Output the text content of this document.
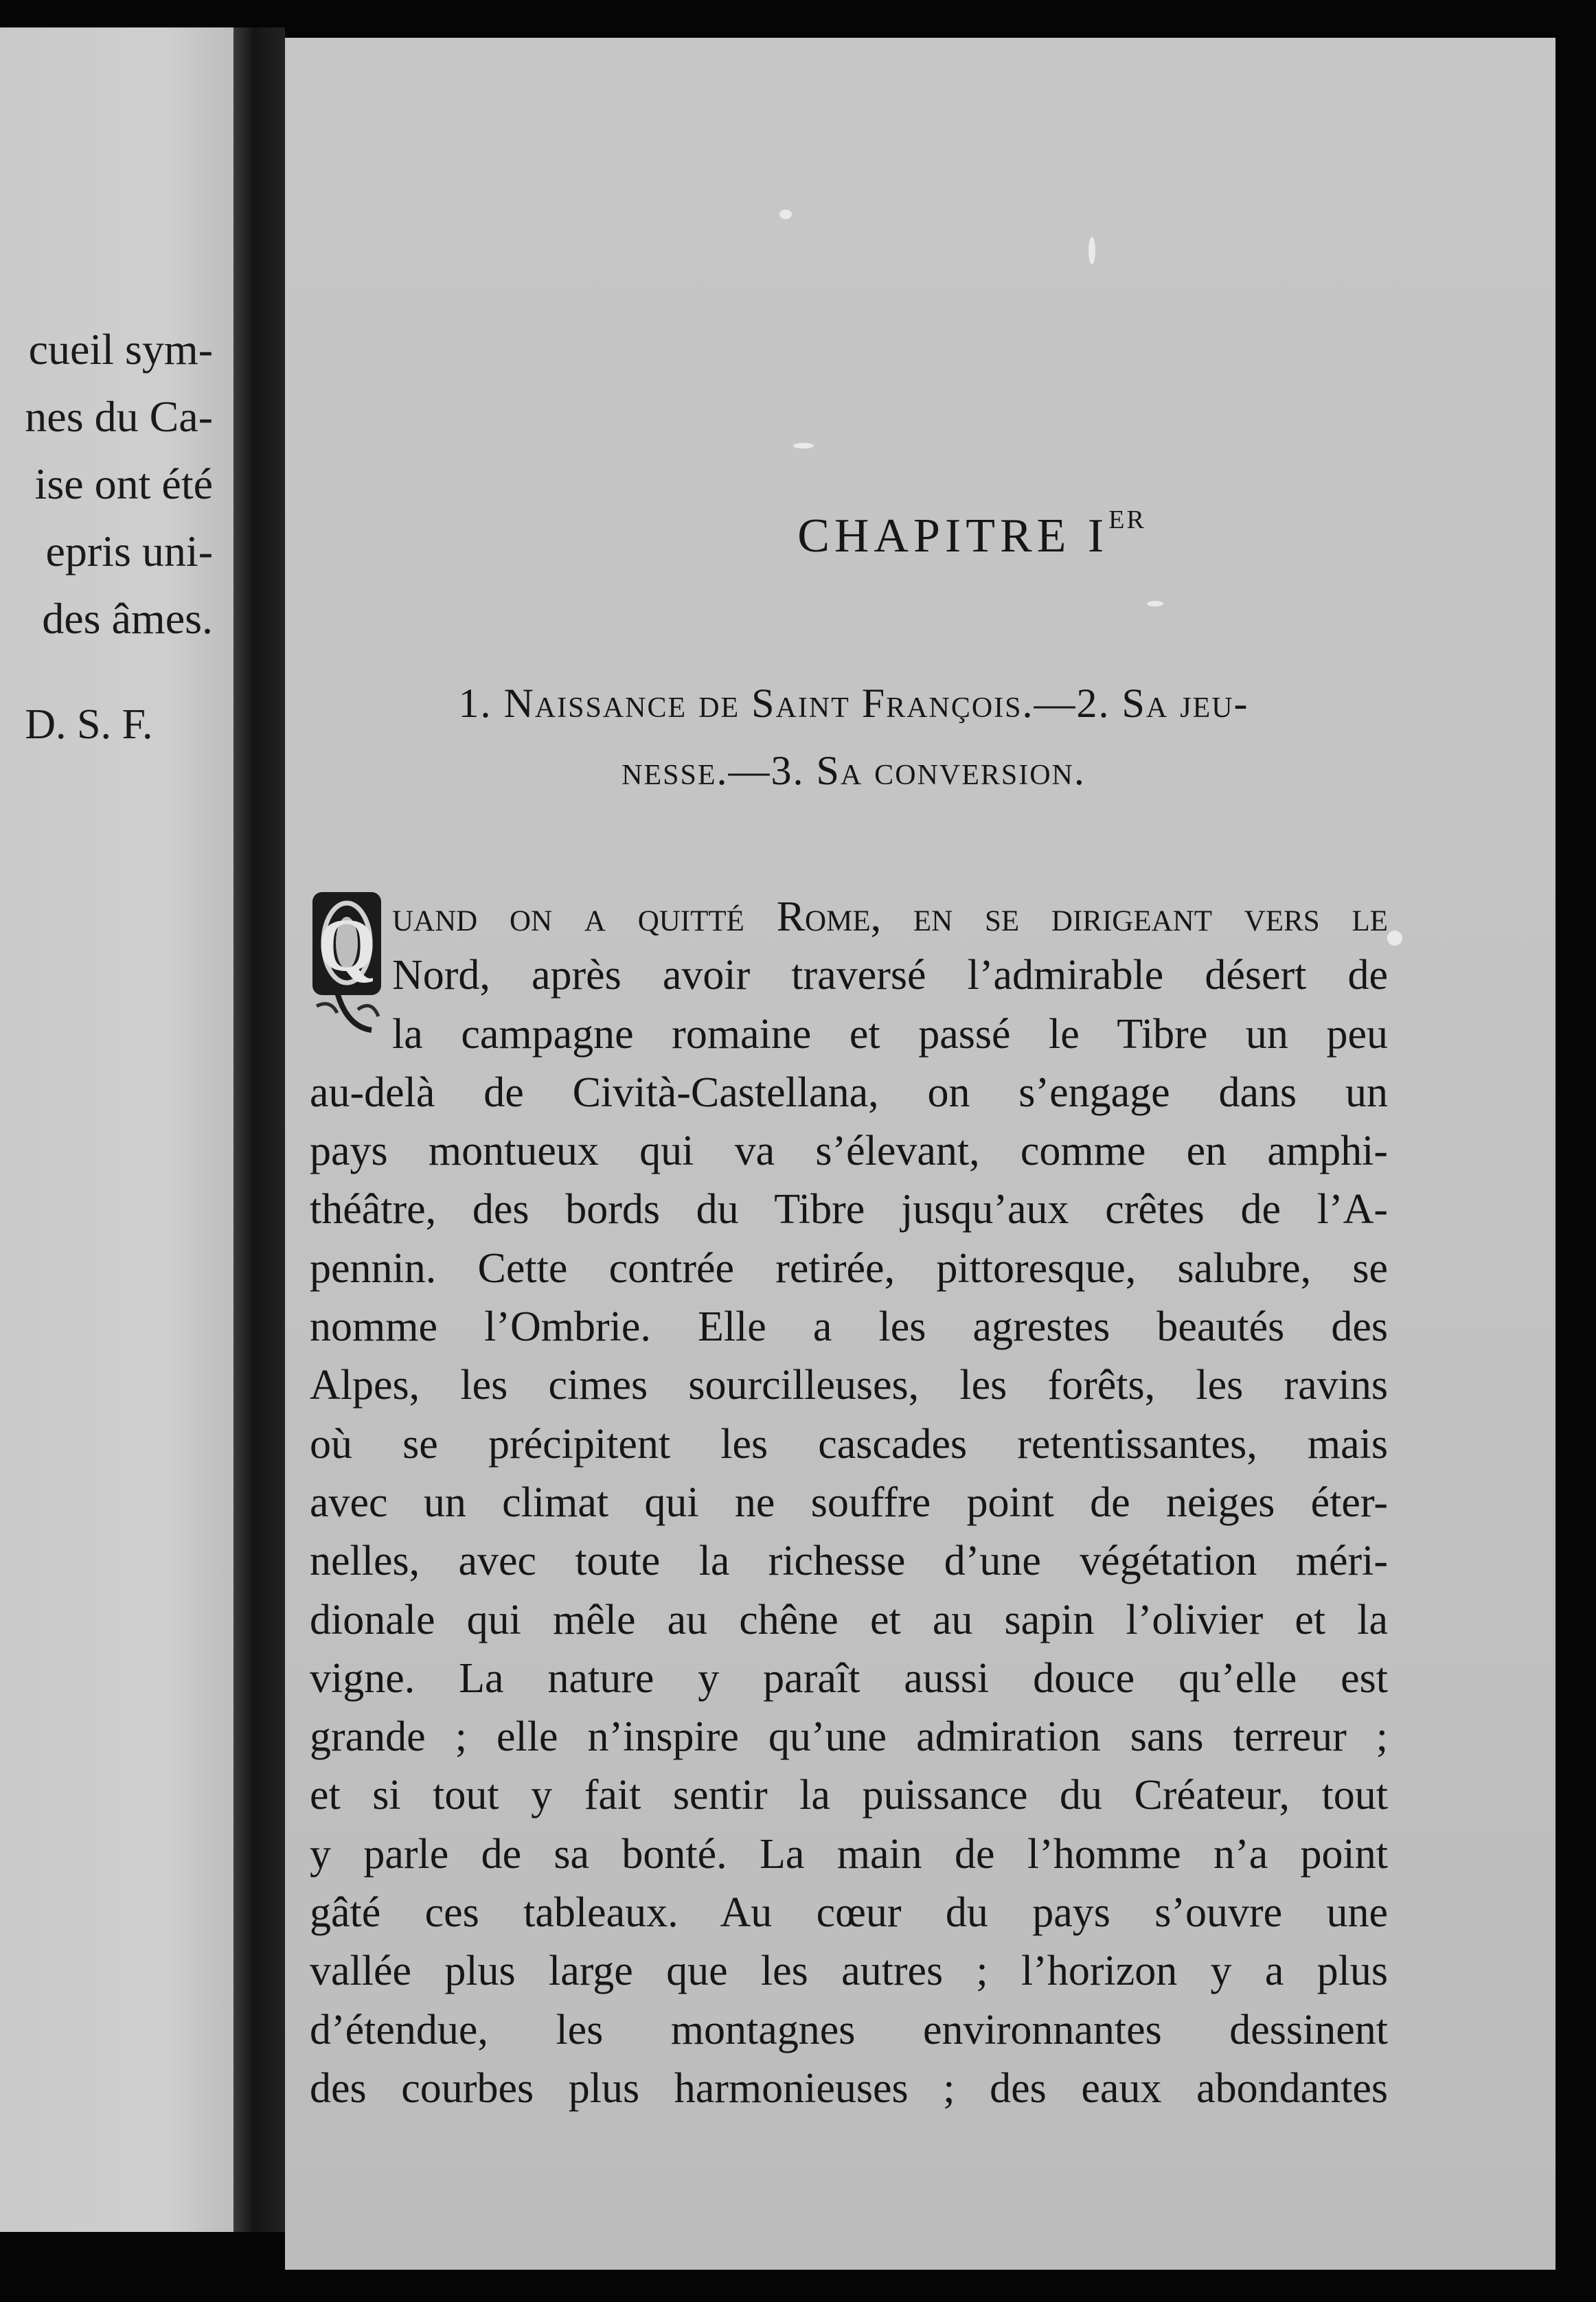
cueil sym-
nes du Ca-
ise ont été
epris uni-
des âmes.
D. S. F.
CHAPITRE IER
1. Naissance de Saint François.—2. Sa jeu-
nesse.—3. Sa conversion.
Q uand on a quitté Rome, en se dirigeant vers le
Nord, après avoir traversé l’admirable désert de
la campagne romaine et passé le Tibre un peu
au-delà de Cività-Castellana, on s’engage dans un
pays montueux qui va s’élevant, comme en amphi-
théâtre, des bords du Tibre jusqu’aux crêtes de l’A-
pennin. Cette contrée retirée, pittoresque, salubre, se
nomme l’Ombrie. Elle a les agrestes beautés des
Alpes, les cimes sourcilleuses, les forêts, les ravins
où se précipitent les cascades retentissantes, mais
avec un climat qui ne souffre point de neiges éter-
nelles, avec toute la richesse d’une végétation méri-
dionale qui mêle au chêne et au sapin l’olivier et la
vigne. La nature y paraît aussi douce qu’elle est
grande ; elle n’inspire qu’une admiration sans terreur ;
et si tout y fait sentir la puissance du Créateur, tout
y parle de sa bonté. La main de l’homme n’a point
gâté ces tableaux. Au cœur du pays s’ouvre une
vallée plus large que les autres ; l’horizon y a plus
d’étendue, les montagnes environnantes dessinent
des courbes plus harmonieuses ; des eaux abondantes
